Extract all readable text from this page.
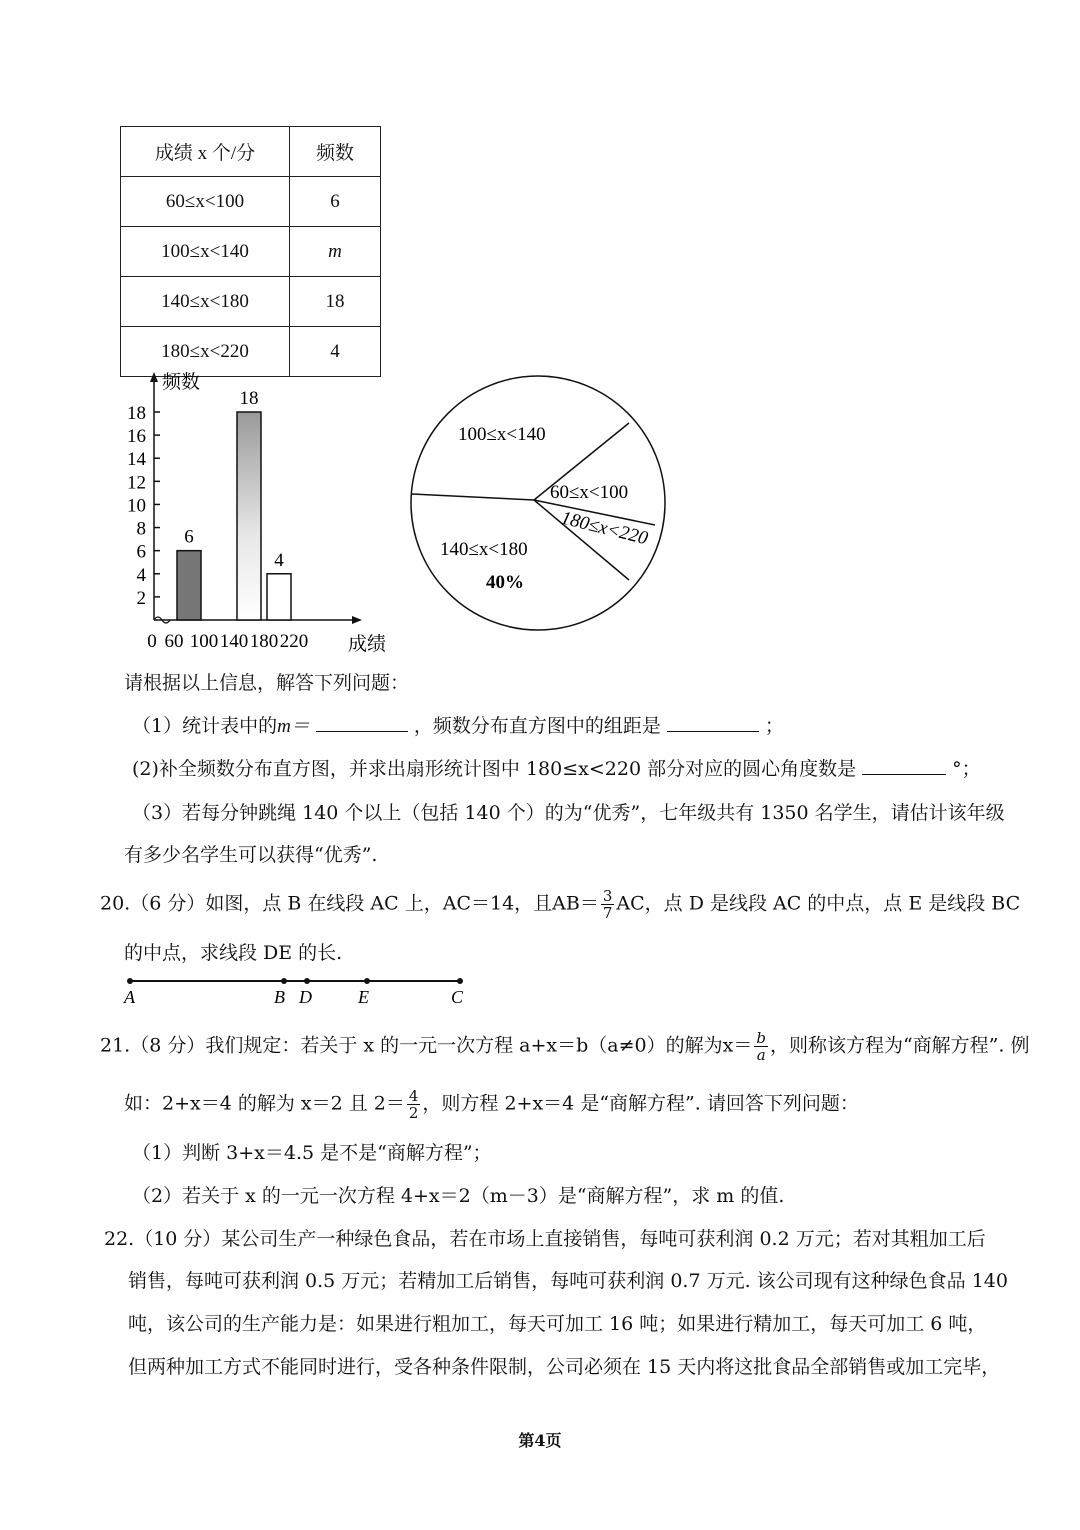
成绩 x 个/分	频数
60≤x<100	6
100≤x<140	m
140≤x<180	18
180≤x<220	4
频数
成绩
2
4
6
8
10
12
14
16
18
0 60 100 140 180 220
6
18
4
100≤x<140
60≤x<100
180≤x<220
140≤x<180
40%
请根据以上信息，解答下列问题：
（1）统计表中的m＝	，频数分布直方图中的组距是	；
(2)补全频数分布直方图，并求出扇形统计图中 180≤x<220 部分对应的圆心角度数是	°；
（3）若每分钟跳绳 140 个以上（包括 140 个）的为“优秀”，七年级共有 1350 名学生，请估计该年级
有多少名学生可以获得“优秀”.
20.（6 分）如图，点 B 在线段 AC 上，AC＝14，且$AB= \frac{3}{7}$ AC，点 D 是线段 AC 的中点，点 E 是线段 BC
的中点，求线段 DE 的长.
A	B D	E	C
21.（8 分）我们规定：若关于 x 的一元一次方程 a+x＝b（a≠0）的解为$x= \frac{b}{a}$ ，则称该方程为“商解方程”. 例
如：2+x＝4 的解为 x＝2 且 $2= \frac{4}{2}$ ，则方程 2+x＝4 是“商解方程”. 请回答下列问题：
（1）判断 3+x＝4.5 是不是“商解方程”；
（2）若关于 x 的一元一次方程 4+x＝2（m－3）是“商解方程”，求 m 的值.
22.（10 分）某公司生产一种绿色食品，若在市场上直接销售，每吨可获利润 0.2 万元；若对其粗加工后
销售，每吨可获利润 0.5 万元；若精加工后销售，每吨可获利润 0.7 万元. 该公司现有这种绿色食品 140
吨，该公司的生产能力是：如果进行粗加工，每天可加工 16 吨；如果进行精加工，每天可加工 6 吨，
但两种加工方式不能同时进行，受各种条件限制，公司必须在 15 天内将这批食品全部销售或加工完毕，
第4页
